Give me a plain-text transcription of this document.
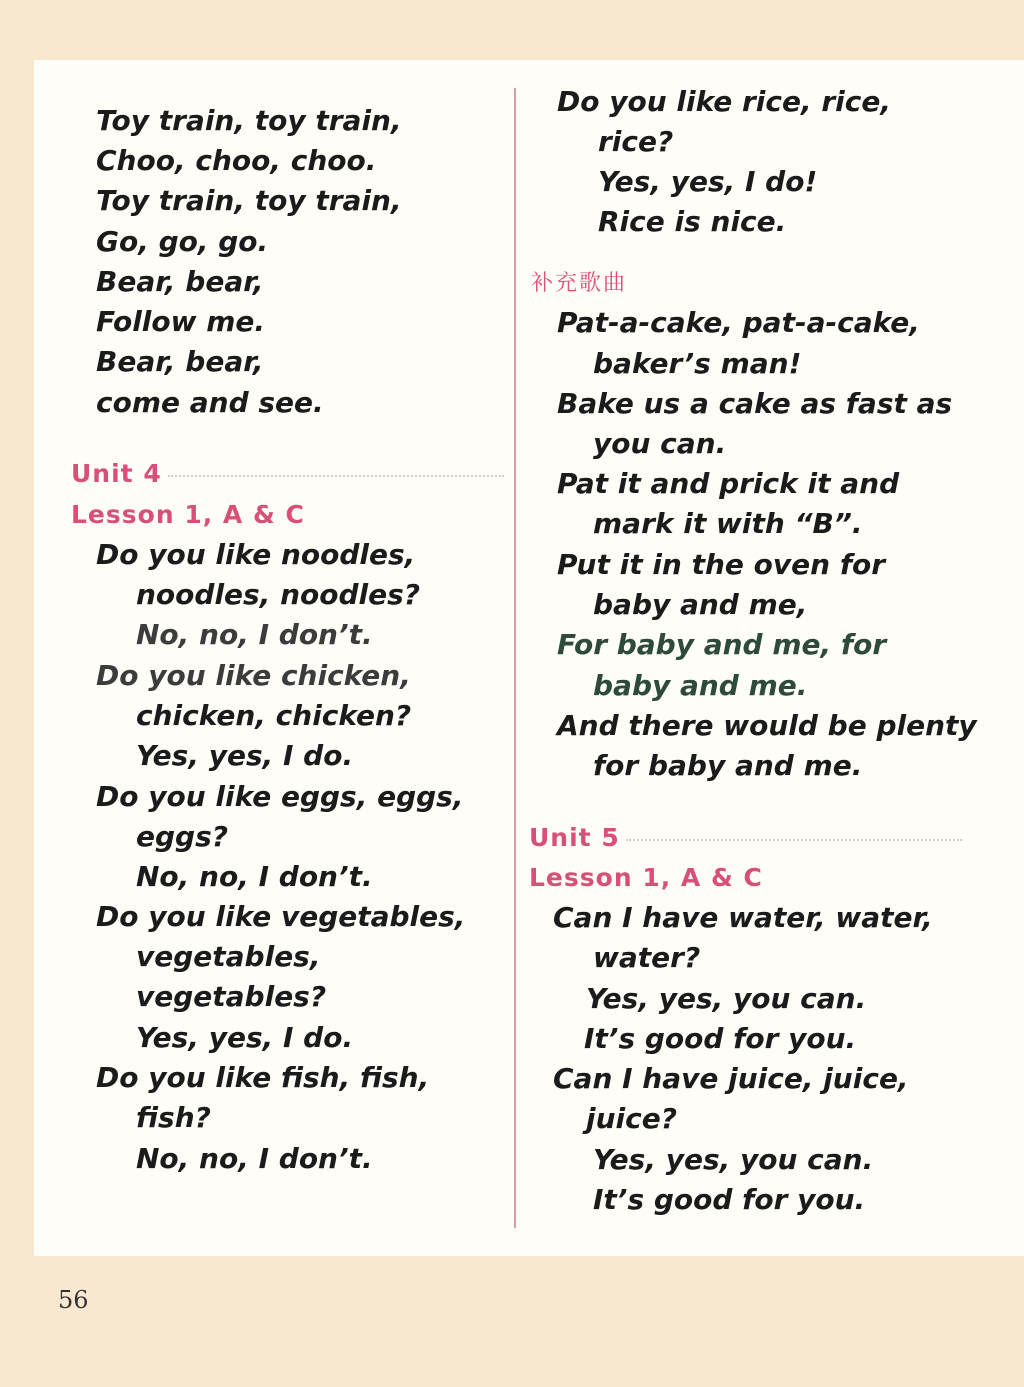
Toy train, toy train,
Choo, choo, choo.
Toy train, toy train,
Go, go, go.
Bear, bear,
Follow me.
Bear, bear,
come and see.
Unit 4
Lesson 1, A & C
Do you like noodles,
noodles, noodles?
No, no, I don’t.
Do you like chicken,
chicken, chicken?
Yes, yes, I do.
Do you like eggs, eggs,
eggs?
No, no, I don’t.
Do you like vegetables,
vegetables,
vegetables?
Yes, yes, I do.
Do you like fish, fish,
fish?
No, no, I don’t.
Do you like rice, rice,
rice?
Yes, yes, I do!
Rice is nice.
补充歌曲
Pat-a-cake, pat-a-cake,
baker’s man!
Bake us a cake as fast as
you can.
Pat it and prick it and
mark it with “B”.
Put it in the oven for
baby and me,
For baby and me, for
baby and me.
And there would be plenty
for baby and me.
Unit 5
Lesson 1, A & C
Can I have water, water,
water?
Yes, yes, you can.
It’s good for you.
Can I have juice, juice,
juice?
Yes, yes, you can.
It’s good for you.
56
